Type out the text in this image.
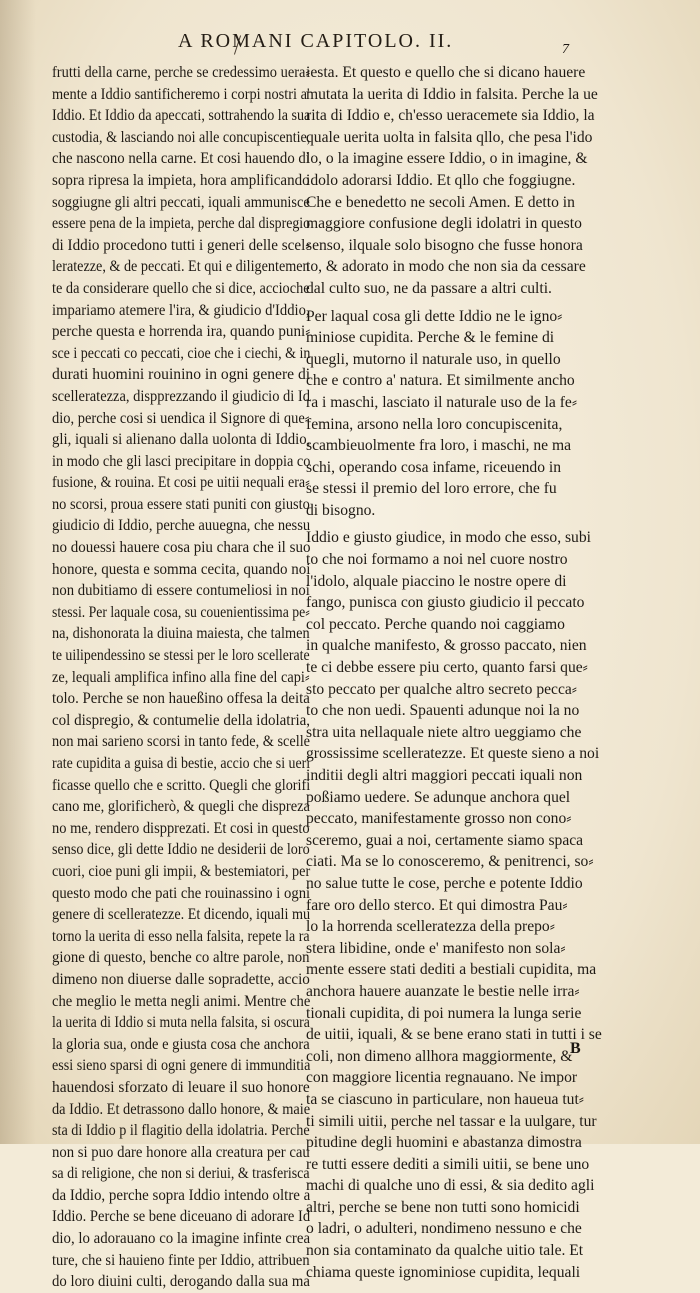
A ROMANI CAPITOLO. II.	7
frutti della carne, perche se credessimo uera⸗
mente a Iddio santificheremo i corpi nostri a'
Iddio. Et Iddio da apeccati, sottrahendo la sua
custodia, & lasciando noi alle concupiscentie,
che nascono nella carne. Et cosi hauendo di
sopra ripresa la impieta, hora amplificando
soggiugne gli altri peccati, iquali ammunisce
essere pena de la impieta, perche dal dispregio
di Iddio procedono tutti i generi delle scel⸗
leratezze, & de peccati. Et qui e diligentemen
te da considerare quello che si dice, accioche
impariamo atemere l'ira, & giudicio d'Iddio,
perche questa e horrenda ira, quando puni⸗
sce i peccati co peccati, cioe che i ciechi, & in
durati huomini rouinino in ogni genere di
scelleratezza, dispprezzando il giudicio di Id
dio, perche cosi si uendica il Signore di que⸗
gli, iquali si alienano dalla uolonta di Iddio,
in modo che gli lasci precipitare in doppia co
fusione, & rouina. Et cosi pe uitii nequali era⸗
no scorsi, proua essere stati puniti con giusto
giudicio di Iddio, perche auuegna, che nessu
no douessi hauere cosa piu chara che il suo
honore, questa e somma cecita, quando noi
non dubitiamo di essere contumeliosi in noi
stessi. Per laquale cosa, su couenientissima pe⸗
na, dishonorata la diuina maiesta, che talmen
te uilipendessino se stessi per le loro scellerate
ze, lequali amplifica infino alla fine del capi⸗
tolo. Perche se non haueßino offesa la deita
col dispregio, & contumelie della idolatria,
non mai sarieno scorsi in tanto fede, & scelle
rate cupidita a guisa di bestie, accio che si ueri
ficasse quello che e scritto. Quegli che glorifi
cano me, glorificherò, & quegli che dispreza
no me, rendero dispprezati. Et cosi in questo
senso dice, gli dette Iddio ne desiderii de loro
cuori, cioe puni gli impii, & bestemiatori, per
questo modo che pati che rouinassino i ogni
genere di scelleratezze. Et dicendo, iquali mu
torno la uerita di esso nella falsita, repete la ra
gione di questo, benche co altre parole, non
dimeno non diuerse dalle sopradette, accio
che meglio le metta negli animi. Mentre che
la uerita di Iddio si muta nella falsita, si oscura
la gloria sua, onde e giusta cosa che anchora
essi sieno sparsi di ogni genere di immunditia
hauendosi sforzato di leuare il suo honore
da Iddio. Et detrassono dallo honore, & maie
sta di Iddio p il flagitio della idolatria. Perche
non si puo dare honore alla creatura per cau
sa di religione, che non si deriui, & trasferisca
da Iddio, perche sopra Iddio intendo oltre a
Iddio. Perche se bene diceuano di adorare Id
dio, lo adorauano co la imagine infinte crea
ture, che si hauieno finte per Iddio, attribuen
do loro diuini culti, derogando dalla sua ma
iesta. Et questo e quello che si dicano hauere
mutata la uerita di Iddio in falsita. Perche la ue
rita di Iddio e, ch'esso ueracemete sia Iddio, la
quale uerita uolta in falsita qllo, che pesa l'ido
lo, o la imagine essere Iddio, o in imagine, &
idolo adorarsi Iddio. Et qllo che foggiugne.
Che e benedetto ne secoli Amen. E detto in
maggiore confusione degli idolatri in questo
senso, ilquale solo bisogno che fusse honora
to, & adorato in modo che non sia da cessare
dal culto suo, ne da passare a altri culti.
Per laqual cosa gli dette Iddio ne le igno⸗
miniose cupidita. Perche & le femine di
quegli, mutorno il naturale uso, in quello
che e contro a' natura. Et similmente ancho
ra i maschi, lasciato il naturale uso de la fe⸗
femina, arsono nella loro concupiscenita,
scambieuolmente fra loro, i maschi, ne ma
schi, operando cosa infame, riceuendo in
se stessi il premio del loro errore, che fu
di bisogno.
Iddio e giusto giudice, in modo che esso, subi
to che noi formamo a noi nel cuore nostro
l'idolo, alquale piaccino le nostre opere di
fango, punisca con giusto giudicio il peccato
col peccato. Perche quando noi caggiamo
in qualche manifesto, & grosso paccato, nien
te ci debbe essere piu certo, quanto farsi que⸗
sto peccato per qualche altro secreto pecca⸗
to che non uedi. Spauenti adunque noi la no
stra uita nellaquale niete altro ueggiamo che
grossissime scelleratezze. Et queste sieno a noi
inditii degli altri maggiori peccati iquali non
poßiamo uedere. Se adunque anchora quel
peccato, manifestamente grosso non cono⸗
sceremo, guai a noi, certamente siamo spaca
ciati. Ma se lo conosceremo, & penitrenci, so⸗
no salue tutte le cose, perche e potente Iddio
fare oro dello sterco. Et qui dimostra Pau⸗
lo la horrenda scelleratezza della prepo⸗
stera libidine, onde e' manifesto non sola⸗
mente essere stati dediti a bestiali cupidita, ma
anchora hauere auanzate le bestie nelle irra⸗
tionali cupidita, di poi numera la lunga serie
de uitii, iquali, & se bene erano stati in tutti i se
coli, non dimeno allhora maggiormente, &
con maggiore licentia regnauano. Ne impor
ta se ciascuno in particulare, non haueua tut⸗
ti simili uitii, perche nel tassar e la uulgare, tur
pitudine degli huomini e abastanza dimostra
re tutti essere dediti a simili uitii, se bene uno
machi di qualche uno di essi, & sia dedito agli
altri, perche se bene non tutti sono homicidi
o ladri, o adulteri, nondimeno nessuno e che
non sia contaminato da qualche uitio tale. Et
chiama queste ignominiose cupidita, lequali
B
